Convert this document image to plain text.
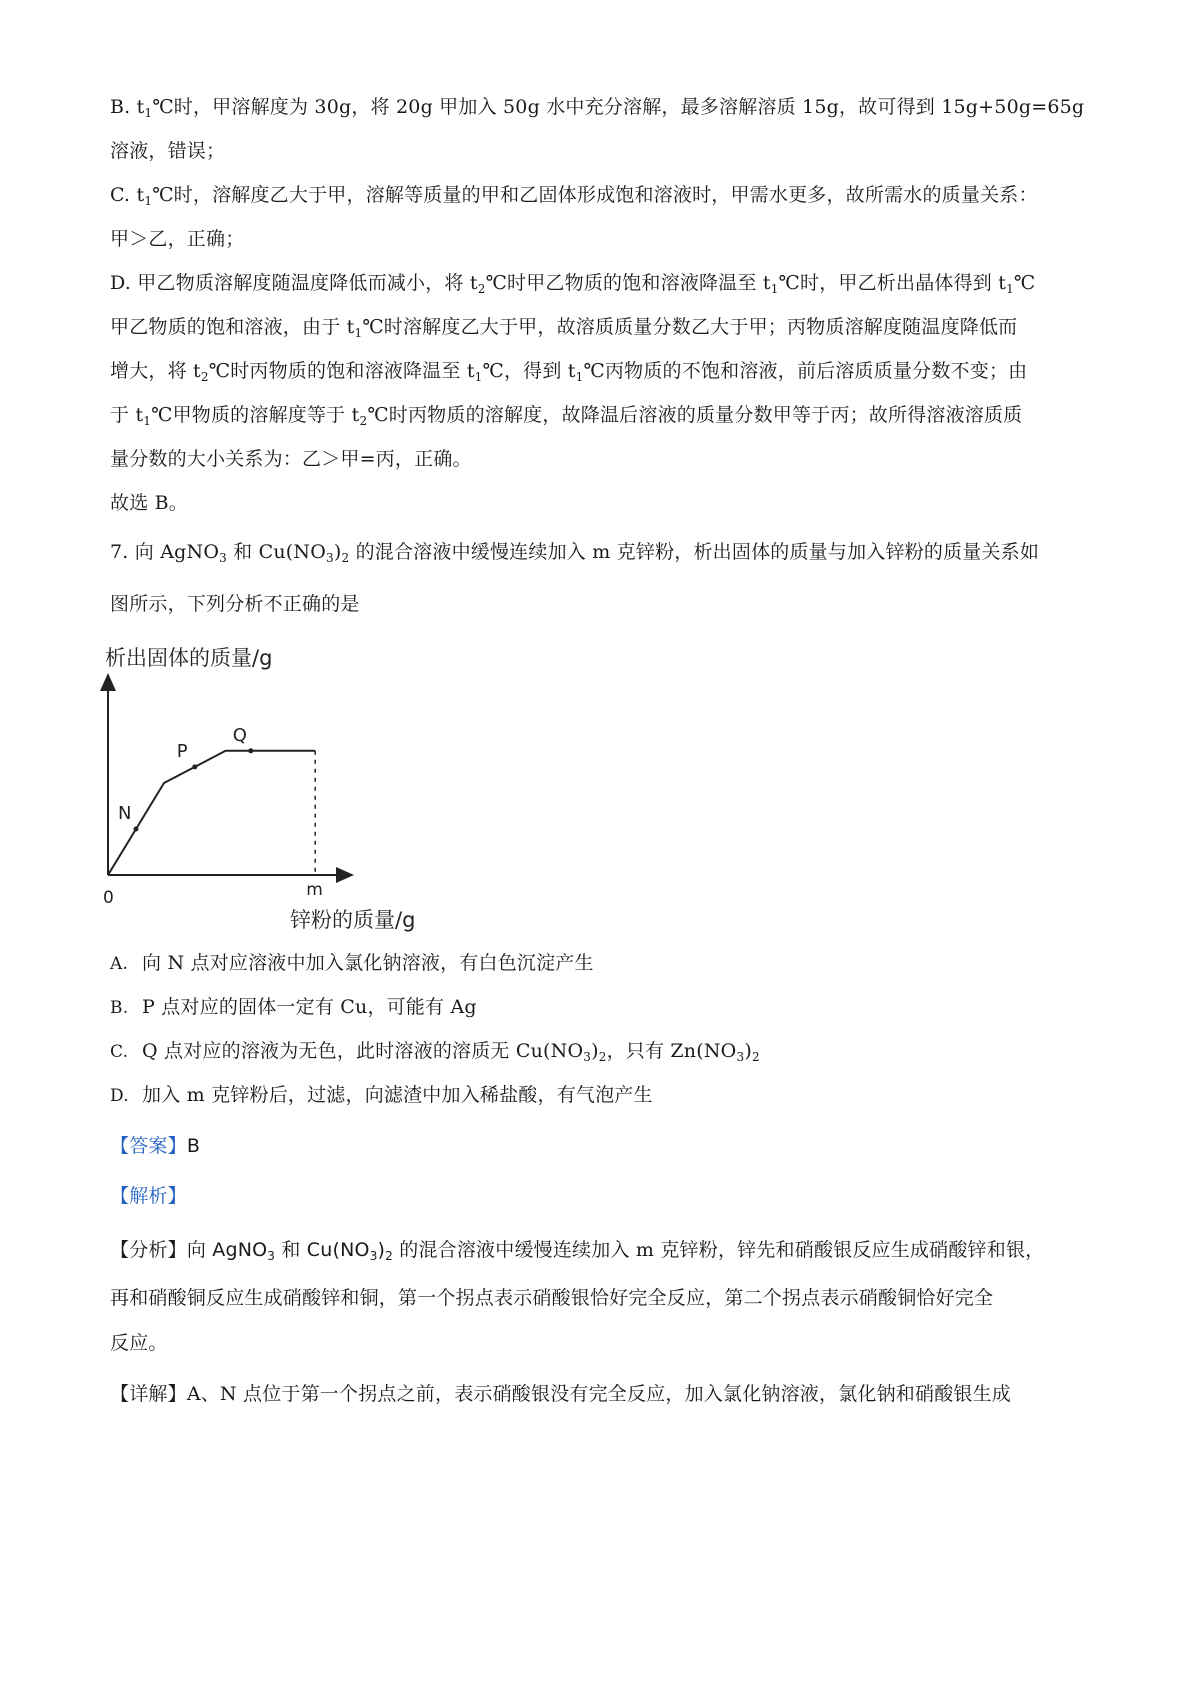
B. $t_1℃$时，甲溶解度为 30g，将 20g 甲加入 50g 水中充分溶解，最多溶解溶质 15g，故可得到 15g+50g=65g
溶液，错误；
C. $t_1℃$时，溶解度乙大于甲，溶解等质量的甲和乙固体形成饱和溶液时，甲需水更多，故所需水的质量关系：
甲＞乙，正确；
D. 甲乙物质溶解度随温度降低而减小，将 $t_2℃$时甲乙物质的饱和溶液降温至 $t_1℃$时，甲乙析出晶体得到 $t_1℃$
甲乙物质的饱和溶液，由于 $t_1℃$时溶解度乙大于甲，故溶质质量分数乙大于甲；丙物质溶解度随温度降低而
增大，将 $t_2℃$时丙物质的饱和溶液降温至 $t_1℃$，得到 $t_1℃$丙物质的不饱和溶液，前后溶质质量分数不变；由
于 $t_1℃$甲物质的溶解度等于 $t_2℃$时丙物质的溶解度，故降温后溶液的质量分数甲等于丙；故所得溶液溶质质
量分数的大小关系为：乙＞甲=丙，正确。
故选 B。
7. 向 AgNO$_3$ 和 $Cu(NO_3)_2$ 的混合溶液中缓慢连续加入 m 克锌粉，析出固体的质量与加入锌粉的质量关系如
图所示，下列分析不正确的是
析出固体的质量/g
N
P
Q
0	m
锌粉的质量/g
A. 向 N 点对应溶液中加入氯化钠溶液，有白色沉淀产生
B. P 点对应的固体一定有 Cu，可能有 Ag
C. Q 点对应的溶液为无色，此时溶液的溶质无 $Cu(NO_3)_2$，只有 $Zn(NO_3)_2$
D. 加入 m 克锌粉后，过滤，向滤渣中加入稀盐酸，有气泡产生
【答案】B
【解析】
【分析】向 AgNO$_3$ 和 $Cu(NO_3)_2$ 的混合溶液中缓慢连续加入 m 克锌粉，锌先和硝酸银反应生成硝酸锌和银，
再和硝酸铜反应生成硝酸锌和铜，第一个拐点表示硝酸银恰好完全反应，第二个拐点表示硝酸铜恰好完全
反应。
【详解】A、N 点位于第一个拐点之前，表示硝酸银没有完全反应，加入氯化钠溶液，氯化钠和硝酸银生成
